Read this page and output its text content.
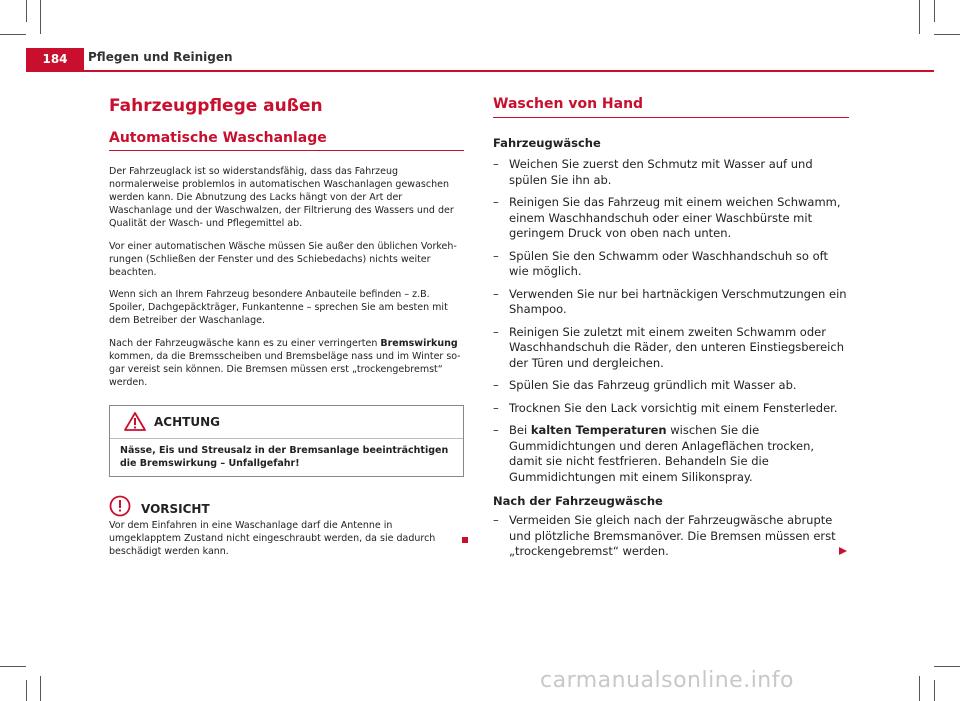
184	Pflegen und Reinigen
Fahrzeugpflege außen
Automatische Waschanlage

Der Fahrzeuglack ist so widerstandsfähig, dass das Fahrzeug normalerweise problemlos in automatischen Waschanlagen gewaschen werden kann. Die Abnutzung des Lacks hängt von der Art der Waschanlage und der Waschwalzen, der Filtrierung des Wassers und der Qualität der Wasch- und Pflegemittel ab.

Vor einer automatischen Wäsche müssen Sie außer den üblichen Vorkehrungen (Schließen der Fenster und des Schiebedachs) nichts weiter beachten.

Wenn sich an Ihrem Fahrzeug besondere Anbauteile befinden – z.B. Spoiler, Dachgepäckträger, Funkantenne – sprechen Sie am besten mit dem Betreiber der Waschanlage.

Nach der Fahrzeugwäsche kann es zu einer verringerten Bremswirkung kommen, da die Bremsscheiben und Bremsbeläge nass und im Winter sogar vereist sein können. Die Bremsen müssen erst „trockengebremst“ werden.

ACHTUNG
Nässe, Eis und Streusalz in der Bremsanlage beeinträchtigen die Bremswirkung – Unfallgefahr!
VORSICHT
Vor dem Einfahren in eine Waschanlage darf die Antenne in umgeklapptem Zustand nicht eingeschraubt werden, da sie dadurch beschädigt werden kann.
Waschen von Hand
Fahrzeugwäsche
– Weichen Sie zuerst den Schmutz mit Wasser auf und spülen Sie ihn ab.
– Reinigen Sie das Fahrzeug mit einem weichen Schwamm, einem Waschhandschuh oder einer Waschbürste mit geringem Druck von oben nach unten.
– Spülen Sie den Schwamm oder Waschhandschuh so oft wie möglich.
– Verwenden Sie nur bei hartnäckigen Verschmutzungen ein Shampoo.
– Reinigen Sie zuletzt mit einem zweiten Schwamm oder Waschhandschuh die Räder, den unteren Einstiegsbereich der Türen und dergleichen.
– Spülen Sie das Fahrzeug gründlich mit Wasser ab.
– Trocknen Sie den Lack vorsichtig mit einem Fensterleder.
– Bei kalten Temperaturen wischen Sie die Gummidichtungen und deren Anlageflächen trocken, damit sie nicht festfrieren. Behandeln Sie die Gummidichtungen mit einem Silikonspray.
Nach der Fahrzeugwäsche
– Vermeiden Sie gleich nach der Fahrzeugwäsche abrupte und plötzliche Bremsmanöver. Die Bremsen müssen erst „trockengebremst“ werden.
carmanualsonline.info
